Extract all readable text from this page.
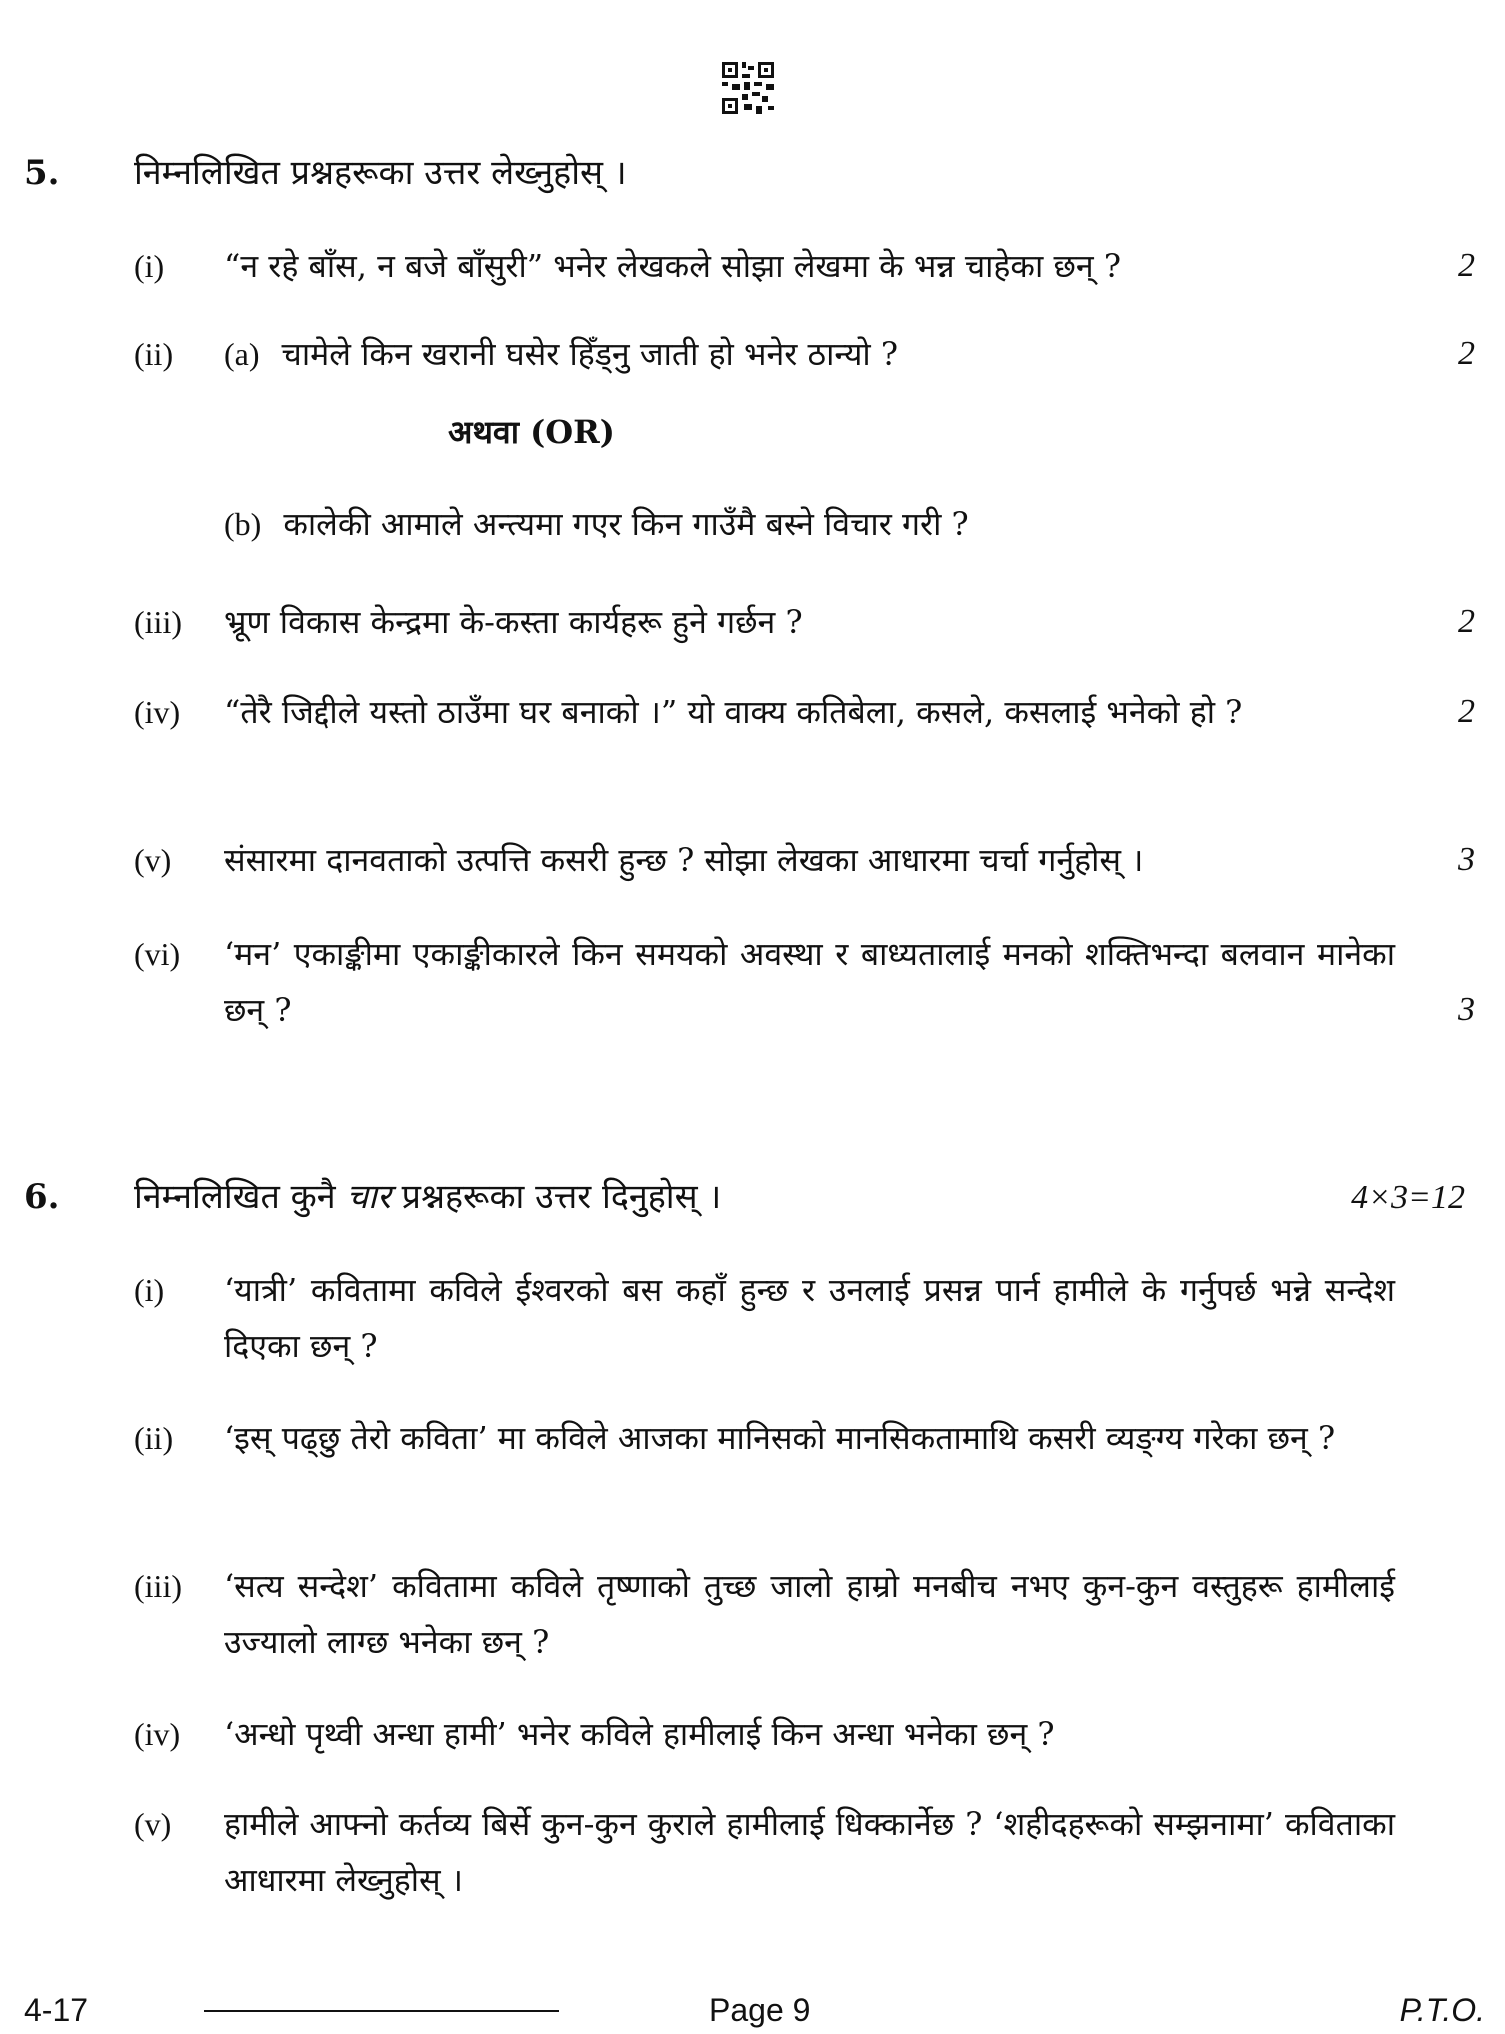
5.	निम्नलिखित प्रश्नहरूका उत्तर लेख्नुहोस् ।
(i)	“न रहे बाँस, न बजे बाँसुरी” भनेर लेखकले सोझा लेखमा के भन्न चाहेका छन् ?	2
(ii)	(a) चामेले किन खरानी घसेर हिँड्नु जाती हो भनेर ठान्यो ?	2
अथवा (OR)
(b) कालेकी आमाले अन्त्यमा गएर किन गाउँमै बस्ने विचार गरी ?
(iii)	भ्रूण विकास केन्द्रमा के-कस्ता कार्यहरू हुने गर्छन ?	2
(iv)	“तेरै जिद्दीले यस्तो ठाउँमा घर बनाको ।” यो वाक्य कतिबेला, कसले, कसलाई भनेको हो ?	2
(v)	संसारमा दानवताको उत्पत्ति कसरी हुन्छ ? सोझा लेखका आधारमा चर्चा गर्नुहोस् ।	3
(vi)	‘मन’ एकाङ्कीमा एकाङ्कीकारले किन समयको अवस्था र बाध्यतालाई मनको शक्तिभन्दा बलवान मानेका छन् ?	3
6.	निम्नलिखित कुनै चार प्रश्नहरूका उत्तर दिनुहोस् ।	4×3=12
(i)	‘यात्री’ कवितामा कविले ईश्वरको बस कहाँ हुन्छ र उनलाई प्रसन्न पार्न हामीले के गर्नुपर्छ भन्ने सन्देश दिएका छन् ?
(ii)	‘इस् पढ्छु तेरो कविता’ मा कविले आजका मानिसको मानसिकतामाथि कसरी व्यङ्ग्य गरेका छन् ?
(iii)	‘सत्य सन्देश’ कवितामा कविले तृष्णाको तुच्छ जालो हाम्रो मनबीच नभए कुन-कुन वस्तुहरू हामीलाई उज्यालो लाग्छ भनेका छन् ?
(iv)	‘अन्धो पृथ्वी अन्धा हामी’ भनेर कविले हामीलाई किन अन्धा भनेका छन् ?
(v)	हामीले आफ्नो कर्तव्य बिर्से कुन-कुन कुराले हामीलाई धिक्कार्नेछ ? ‘शहीदहरूको सम्झनामा’ कविताका आधारमा लेख्नुहोस् ।
4-17	Page 9	P.T.O.
